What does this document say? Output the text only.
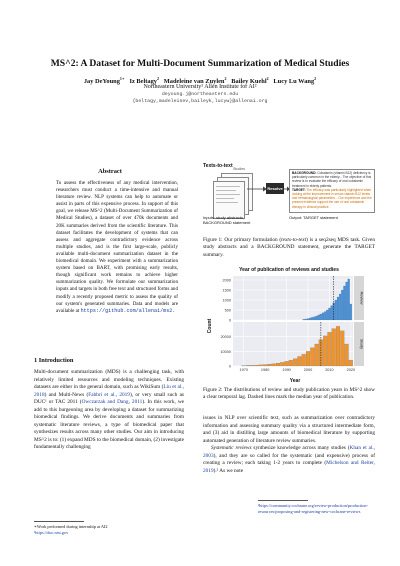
MS^2: A Dataset for Multi-Document Summarization of Medical Studies
Jay DeYoung$^{1∗}$ Iz Beltagy$^2$ Madeleine van Zuylen$^2$ Bailey Kuehl$^2$ Lucy Lu Wang$^2$
Northeastern University¹ Allen Institute for AI²
deyoung.j@northeastern.edu
{beltagy,madeleinev,baileyk,lucyw}@allenai.org
Abstract
To assess the effectiveness of any medical intervention, researchers must conduct a time-intensive and manual literature review. NLP systems can help to automate or assist in parts of this expensive process. In support of this goal, we release MS^2 (Multi-Document Summarization of Medical Studies), a dataset of over 470k documents and 20K summaries derived from the scientific literature. This dataset facilitates the development of systems that can assess and aggregate contradictory evidence across multiple studies, and is the first large-scale, publicly available multi-document summarization dataset in the biomedical domain. We experiment with a summarization system based on BART, with promising early results, though significant work remains to achieve higher summarization quality. We formulate our summarization inputs and targets in both free text and structured forms and modify a recently proposed metric to assess the quality of our system's generated summaries. Data and models are available at https://github.com/allenai/ms2.
1 Introduction
Multi-document summarization (MDS) is a challenging task, with relatively limited resources and modeling techniques. Existing datasets are either in the general domain, such as WikiSum (Liu et al., 2018) and Multi-News (Fabbri et al., 2019), or very small such as DUC¹ or TAC 2011 (Owczarzak and Dang, 2011). In this work, we add to this burgeoning area by developing a dataset for summarizing biomedical findings. We derive documents and summaries from systematic literature reviews, a type of biomedical paper that synthesizes results across many other studies. Our aim in introducing MS^2 is to: (1) expand MDS to the biomedical domain, (2) investigate fundamentally challenging
∗Work performed during internship at AI2
¹https://duc.nist.gov
Texts-to-text Studies
Resolve
Inputs: study abstracts,
BACKGROUND statement
BACKGROUND: Cobalamin (vitamin B12) deficiency is particularly common in the elderly... The objective of this review is to evaluate the efficacy of oral cobalamin treatment in elderly patients.
TARGET: The efficacy was particularly highlighted when looking at the improvement in serum vitamin B12 levels and hematological parameters... Our experience and the present evidence support the use of oral cobalamin therapy in clinical practice.
Output: TARGET statement
Figure 1: Our primary formulation (texts-to-text) is a seq2seq MDS task. Given study abstracts and a BACKGROUND statement, generate the TARGET summary.
Year of publication of reviews and studies
Count
Year
0
500
1000
1500
2000
Review
0
10000
20000
Study
1970	1980	1990	2000	2010	2020
Figure 2: The distributions of review and study publication years in MS^2 show a clear temporal lag. Dashed lines mark the median year of publication.
issues in NLP over scientific text, such as summarization over contradictory information and assessing summary quality via a structured intermediate form, and (3) aid in distilling large amounts of biomedical literature by supporting automated generation of literature review summaries.
Systematic reviews synthesize knowledge across many studies (Khan et al., 2003), and they are so called for the systematic (and expensive) process of creating a review; each taking 1-2 years to complete (Michelson and Reiter, 2019).² As we note
²https://community.cochrane.org/review-production/production-resources/proposing-and-registering-new-cochrane-reviews
